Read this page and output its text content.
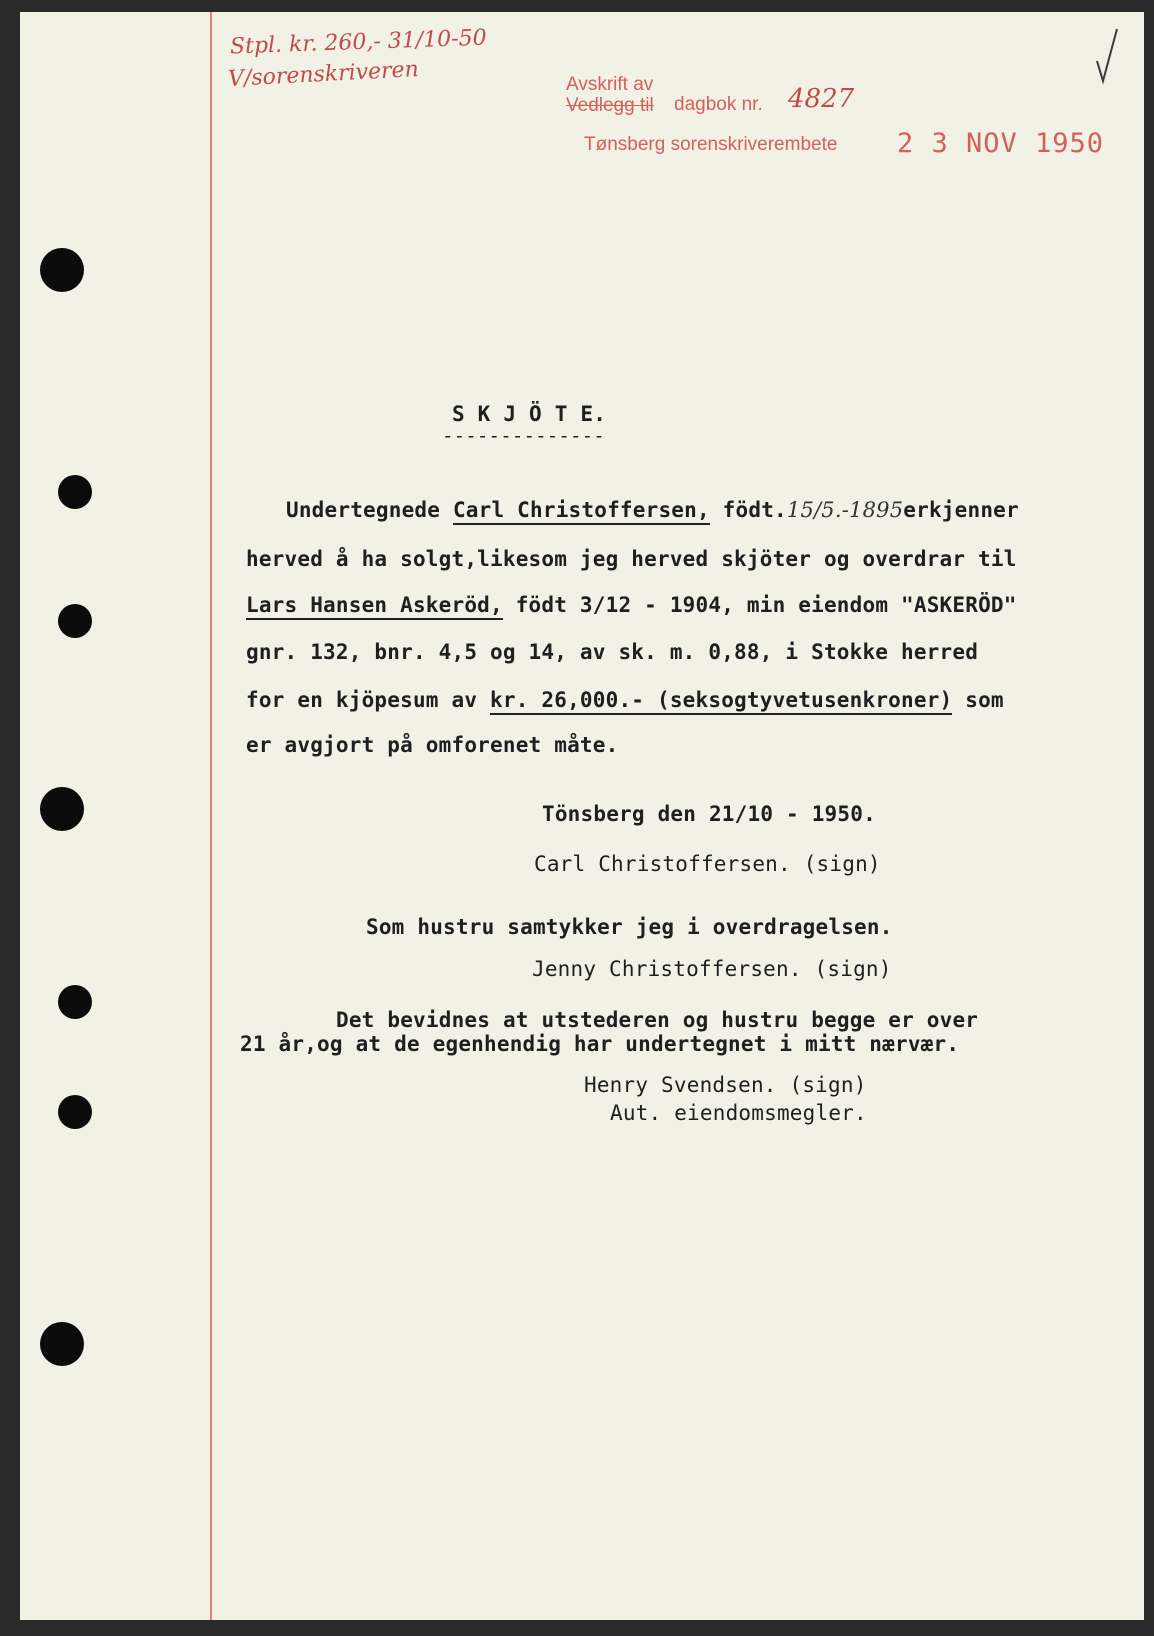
Stpl. kr. 260,- 31/10-50
V/sorenskriveren	Avskrift av
Vedlegg til dagbok nr. 4827
Tønsberg sorenskriverembete 2 3 NOV 1950
S K J Ö T E.
--------------
Undertegnede Carl Christoffersen, födt.15/5.-1895erkjenner
herved å ha solgt,likesom jeg herved skjöter og overdrar til
Lars Hansen Askeröd, födt 3/12 - 1904, min eiendom "ASKERÖD"
gnr. 132, bnr. 4,5 og 14, av sk. m. 0,88, i Stokke herred
for en kjöpesum av kr. 26,000.- (seksogtyvetusenkroner) som
er avgjort på omforenet måte.
Tönsberg den 21/10 - 1950.
Carl Christoffersen. (sign)
Som hustru samtykker jeg i overdragelsen.
Jenny Christoffersen. (sign)
Det bevidnes at utstederen og hustru begge er over
21 år,og at de egenhendig har undertegnet i mitt nærvær.
Henry Svendsen. (sign)
Aut. eiendomsmegler.
